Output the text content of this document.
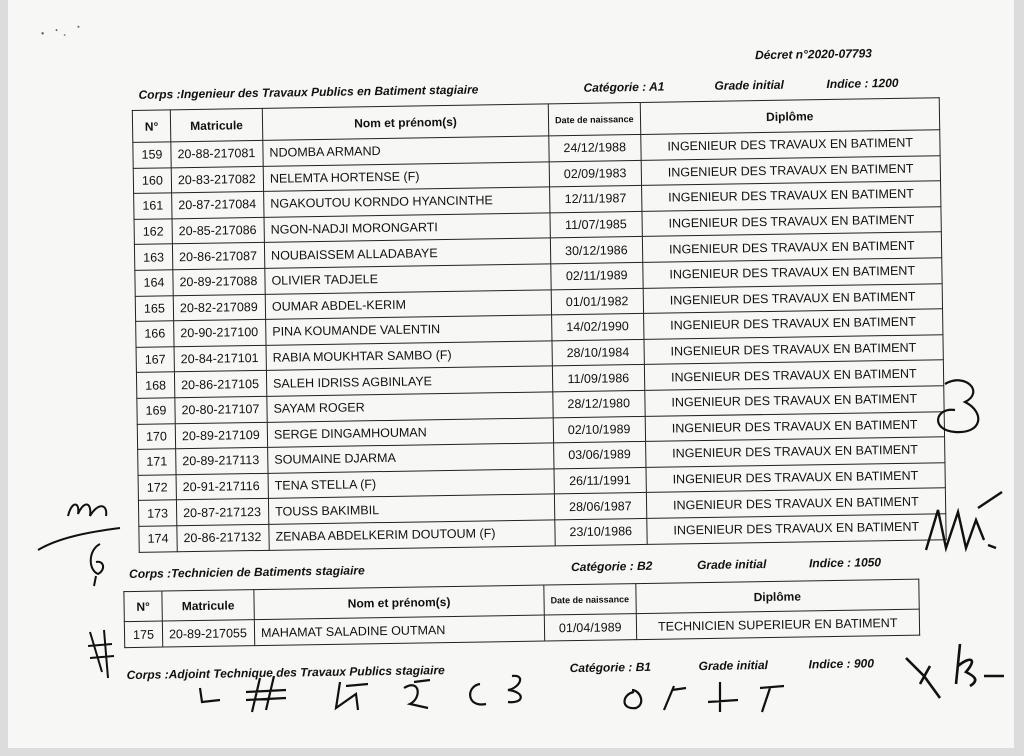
Décret n°2020-07793
Corps :Ingenieur des Travaux Publics en Batiment stagiaire	Catégorie : A1	Grade initial	Indice : 1200
N°	Matricule	Nom et prénom(s)	Date de naissance	Diplôme
159	20-88-217081	NDOMBA ARMAND	24/12/1988	INGENIEUR DES TRAVAUX EN BATIMENT
160	20-83-217082	NELEMTA HORTENSE (F)	02/09/1983	INGENIEUR DES TRAVAUX EN BATIMENT
161	20-87-217084	NGAKOUTOU KORNDO HYANCINTHE	12/11/1987	INGENIEUR DES TRAVAUX EN BATIMENT
162	20-85-217086	NGON-NADJI MORONGARTI	11/07/1985	INGENIEUR DES TRAVAUX EN BATIMENT
163	20-86-217087	NOUBAISSEM ALLADABAYE	30/12/1986	INGENIEUR DES TRAVAUX EN BATIMENT
164	20-89-217088	OLIVIER TADJELE	02/11/1989	INGENIEUR DES TRAVAUX EN BATIMENT
165	20-82-217089	OUMAR ABDEL-KERIM	01/01/1982	INGENIEUR DES TRAVAUX EN BATIMENT
166	20-90-217100	PINA KOUMANDE VALENTIN	14/02/1990	INGENIEUR DES TRAVAUX EN BATIMENT
167	20-84-217101	RABIA MOUKHTAR SAMBO (F)	28/10/1984	INGENIEUR DES TRAVAUX EN BATIMENT
168	20-86-217105	SALEH IDRISS AGBINLAYE	11/09/1986	INGENIEUR DES TRAVAUX EN BATIMENT
169	20-80-217107	SAYAM ROGER	28/12/1980	INGENIEUR DES TRAVAUX EN BATIMENT
170	20-89-217109	SERGE DINGAMHOUMAN	02/10/1989	INGENIEUR DES TRAVAUX EN BATIMENT
171	20-89-217113	SOUMAINE DJARMA	03/06/1989	INGENIEUR DES TRAVAUX EN BATIMENT
172	20-91-217116	TENA STELLA (F)	26/11/1991	INGENIEUR DES TRAVAUX EN BATIMENT
173	20-87-217123	TOUSS BAKIMBIL	28/06/1987	INGENIEUR DES TRAVAUX EN BATIMENT
174	20-86-217132	ZENABA ABDELKERIM DOUTOUM (F)	23/10/1986	INGENIEUR DES TRAVAUX EN BATIMENT
Corps :Technicien de Batiments stagiaire	Catégorie : B2	Grade initial	Indice : 1050
N°	Matricule	Nom et prénom(s)	Date de naissance	Diplôme
175	20-89-217055	MAHAMAT SALADINE OUTMAN	01/04/1989	TECHNICIEN SUPERIEUR EN BATIMENT
Corps :Adjoint Technique des Travaux Publics stagiaire	Catégorie : B1	Grade initial	Indice : 900
